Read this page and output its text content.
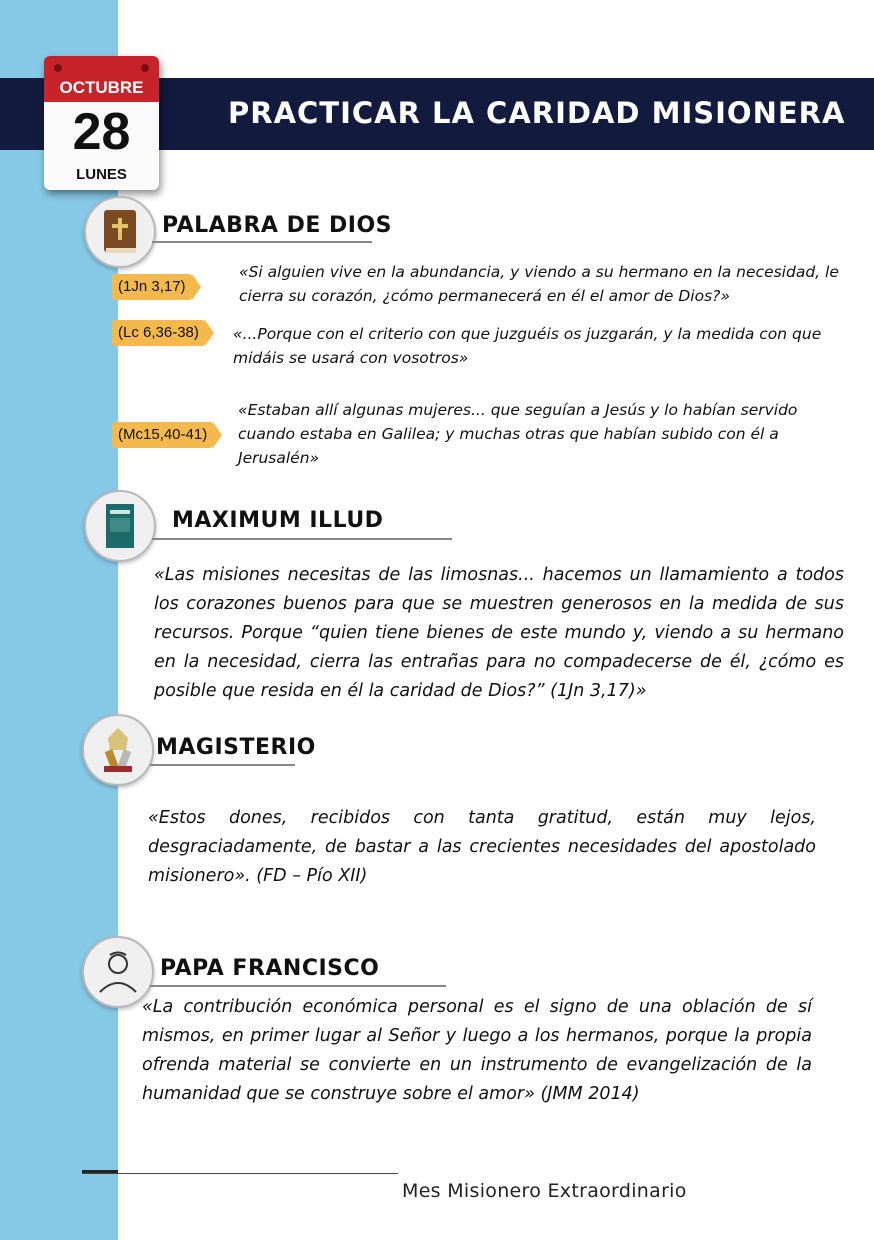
PRACTICAR LA CARIDAD MISIONERA
OCTUBRE
28
LUNES
PALABRA DE DIOS
(1Jn 3,17)
«Si alguien vive en la abundancia, y viendo a su hermano en la necesidad, le cierra su corazón, ¿cómo permanecerá en él el amor de Dios?»
(Lc 6,36-38)	«...Porque con el criterio con que juzguéis os juzgarán, y la medida con que midáis se usará con vosotros»
(Mc15,40-41)
«Estaban allí algunas mujeres... que seguían a Jesús y lo habían servido cuando estaba en Galilea; y muchas otras que habían subido con él a Jerusalén»
MAXIMUM ILLUD
«Las misiones necesitas de las limosnas... hacemos un llamamiento a todos los corazones buenos para que se muestren generosos en la medida de sus recursos. Porque “quien tiene bienes de este mundo y, viendo a su hermano en la necesidad, cierra las entrañas para no compadecerse de él, ¿cómo es posible que resida en él la caridad de Dios?” (1Jn 3,17)»
MAGISTERIO
«Estos dones, recibidos con tanta gratitud, están muy lejos, desgraciadamente, de bastar a las crecientes necesidades del apostolado misionero». (FD – Pío XII)
PAPA FRANCISCO
«La contribución económica personal es el signo de una oblación de sí mismos, en primer lugar al Señor y luego a los hermanos, porque la propia ofrenda material se convierte en un instrumento de evangelización de la humanidad que se construye sobre el amor» (JMM 2014)
Mes Misionero Extraordinario
